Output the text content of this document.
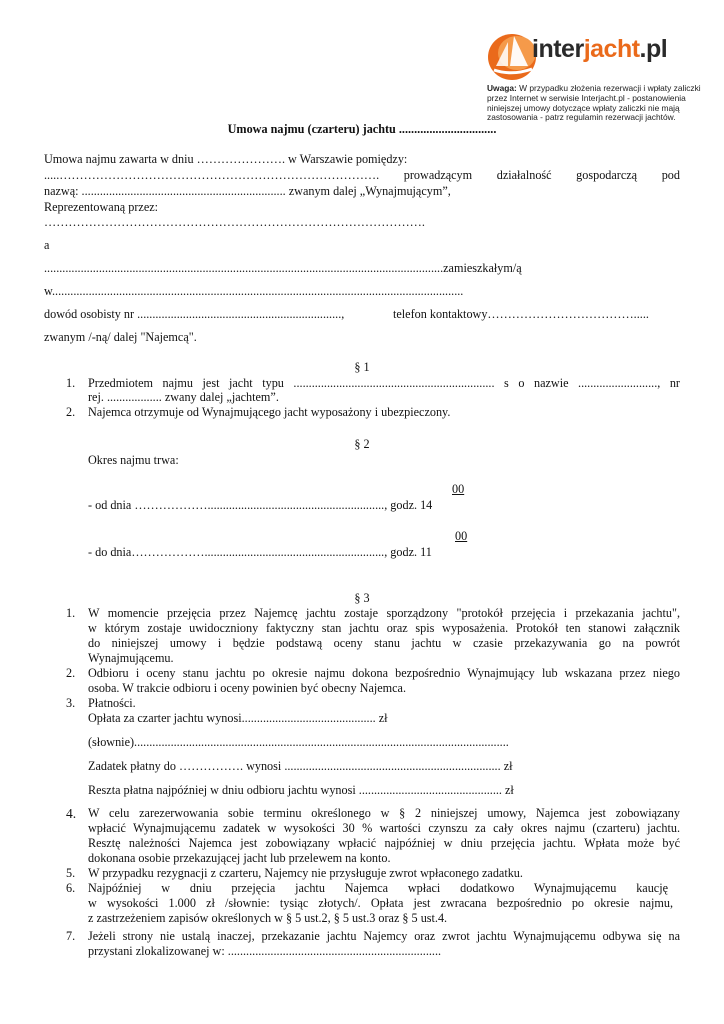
interjacht.pl
Uwaga: W przypadku złożenia rezerwacji i wpłaty zaliczki
przez Internet w serwisie Interjacht.pl - postanowienia
niniejszej umowy dotyczące wpłaty zaliczki nie mają
zastosowania - patrz regulamin rezerwacji jachtów.
Umowa najmu (czarteru) jachtu ................................
Umowa najmu zawarta w dniu …………………. w Warszawie pomiędzy:
.....……………………………………………………………………. prowadzącym działalność gospodarczą pod
nazwą: ................................................................... zwanym dalej „Wynajmującym”,
Reprezentowaną przez:
………………………………………………………………………………….
a
...................................................................................................................................zamieszkałym/ą
w.......................................................................................................................................
dowód osobisty nr ...................................................................,	telefon kontaktowy……………………………….....
zwanym /-ną/ dalej "Najemcą".
§ 1
1. Przedmiotem najmu jest jacht typu .................................................................. s o nazwie .........................., nr
rej. .................. zwany dalej „jachtem”.
2. Najemca otrzymuje od Wynajmującego jacht wyposażony i ubezpieczony.
§ 2
Okres najmu trwa:
00
- od dnia ……………….........................................................., godz. 14
00
- do dnia………………..........................................................., godz. 11
§ 3
1. W momencie przejęcia przez Najemcę jachtu zostaje sporządzony "protokół przejęcia i przekazania jachtu",
w którym zostaje uwidoczniony faktyczny stan jachtu oraz spis wyposażenia. Protokół ten stanowi załącznik
do niniejszej umowy i będzie podstawą oceny stanu jachtu w czasie przekazywania go na powrót
Wynajmującemu.
2. Odbioru i oceny stanu jachtu po okresie najmu dokona bezpośrednio Wynajmujący lub wskazana przez niego
osoba. W trakcie odbioru i oceny powinien być obecny Najemca.
3. Płatności.
Opłata za czarter jachtu wynosi............................................ zł
(słownie)...........................................................................................................................
Zadatek płatny do ……………. wynosi ....................................................................... zł
Reszta płatna najpóźniej w dniu odbioru jachtu wynosi ............................................... zł
4. W celu zarezerwowania sobie terminu określonego w § 2 niniejszej umowy, Najemca jest zobowiązany
wpłacić Wynajmującemu zadatek w wysokości 30 % wartości czynszu za cały okres najmu (czarteru) jachtu.
Resztę należności Najemca jest zobowiązany wpłacić najpóźniej w dniu przejęcia jachtu. Wpłata może być
dokonana osobie przekazującej jacht lub przelewem na konto.
5. W przypadku rezygnacji z czarteru, Najemcy nie przysługuje zwrot wpłaconego zadatku.
6. Najpóźniej w dniu przejęcia jachtu Najemca wpłaci dodatkowo Wynajmującemu kaucję
w wysokości 1.000 zł /słownie: tysiąc złotych/. Opłata jest zwracana bezpośrednio po okresie najmu,
z zastrzeżeniem zapisów określonych w § 5 ust.2, § 5 ust.3 oraz § 5 ust.4.
7. Jeżeli strony nie ustalą inaczej, przekazanie jachtu Najemcy oraz zwrot jachtu Wynajmującemu odbywa się na
przystani zlokalizowanej w: ......................................................................
